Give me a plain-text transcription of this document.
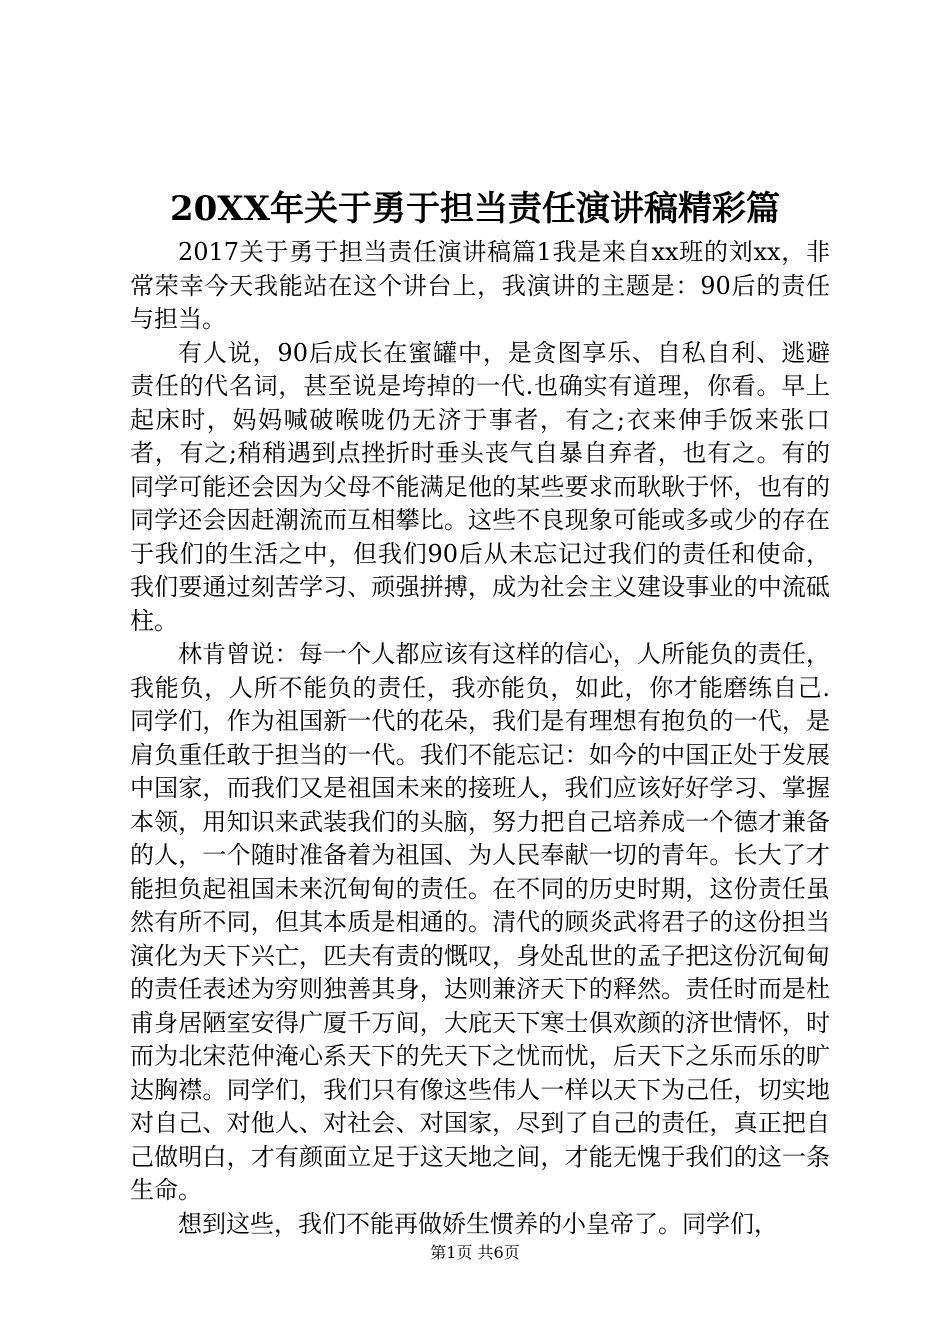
20XX年关于勇于担当责任演讲稿精彩篇

2017关于勇于担当责任演讲稿篇1我是来自xx班的刘xx，非常荣幸今天我能站在这个讲台上，我演讲的主题是：90后的责任与担当。

有人说，90后成长在蜜罐中，是贪图享乐、自私自利、逃避责任的代名词，甚至说是垮掉的一代.也确实有道理，你看。早上起床时，妈妈喊破喉咙仍无济于事者，有之;衣来伸手饭来张口者，有之;稍稍遇到点挫折时垂头丧气自暴自弃者，也有之。有的同学可能还会因为父母不能满足他的某些要求而耿耿于怀，也有的同学还会因赶潮流而互相攀比。这些不良现象可能或多或少的存在于我们的生活之中，但我们90后从未忘记过我们的责任和使命，我们要通过刻苦学习、顽强拼搏，成为社会主义建设事业的中流砥柱。

林肯曾说：每一个人都应该有这样的信心，人所能负的责任，我能负，人所不能负的责任，我亦能负，如此，你才能磨练自己.同学们，作为祖国新一代的花朵，我们是有理想有抱负的一代，是肩负重任敢于担当的一代。我们不能忘记：如今的中国正处于发展中国家，而我们又是祖国未来的接班人，我们应该好好学习、掌握本领，用知识来武装我们的头脑，努力把自己培养成一个德才兼备的人，一个随时准备着为祖国、为人民奉献一切的青年。长大了才能担负起祖国未来沉甸甸的责任。在不同的历史时期，这份责任虽然有所不同，但其本质是相通的。清代的顾炎武将君子的这份担当演化为天下兴亡，匹夫有责的慨叹，身处乱世的孟子把这份沉甸甸的责任表述为穷则独善其身，达则兼济天下的释然。责任时而是杜甫身居陋室安得广厦千万间，大庇天下寒士俱欢颜的济世情怀，时而为北宋范仲淹心系天下的先天下之忧而忧，后天下之乐而乐的旷达胸襟。同学们，我们只有像这些伟人一样以天下为己任，切实地对自己、对他人、对社会、对国家，尽到了自己的责任，真正把自己做明白，才有颜面立足于这天地之间，才能无愧于我们的这一条生命。

想到这些，我们不能再做娇生惯养的小皇帝了。同学们，

第1页 共6页
